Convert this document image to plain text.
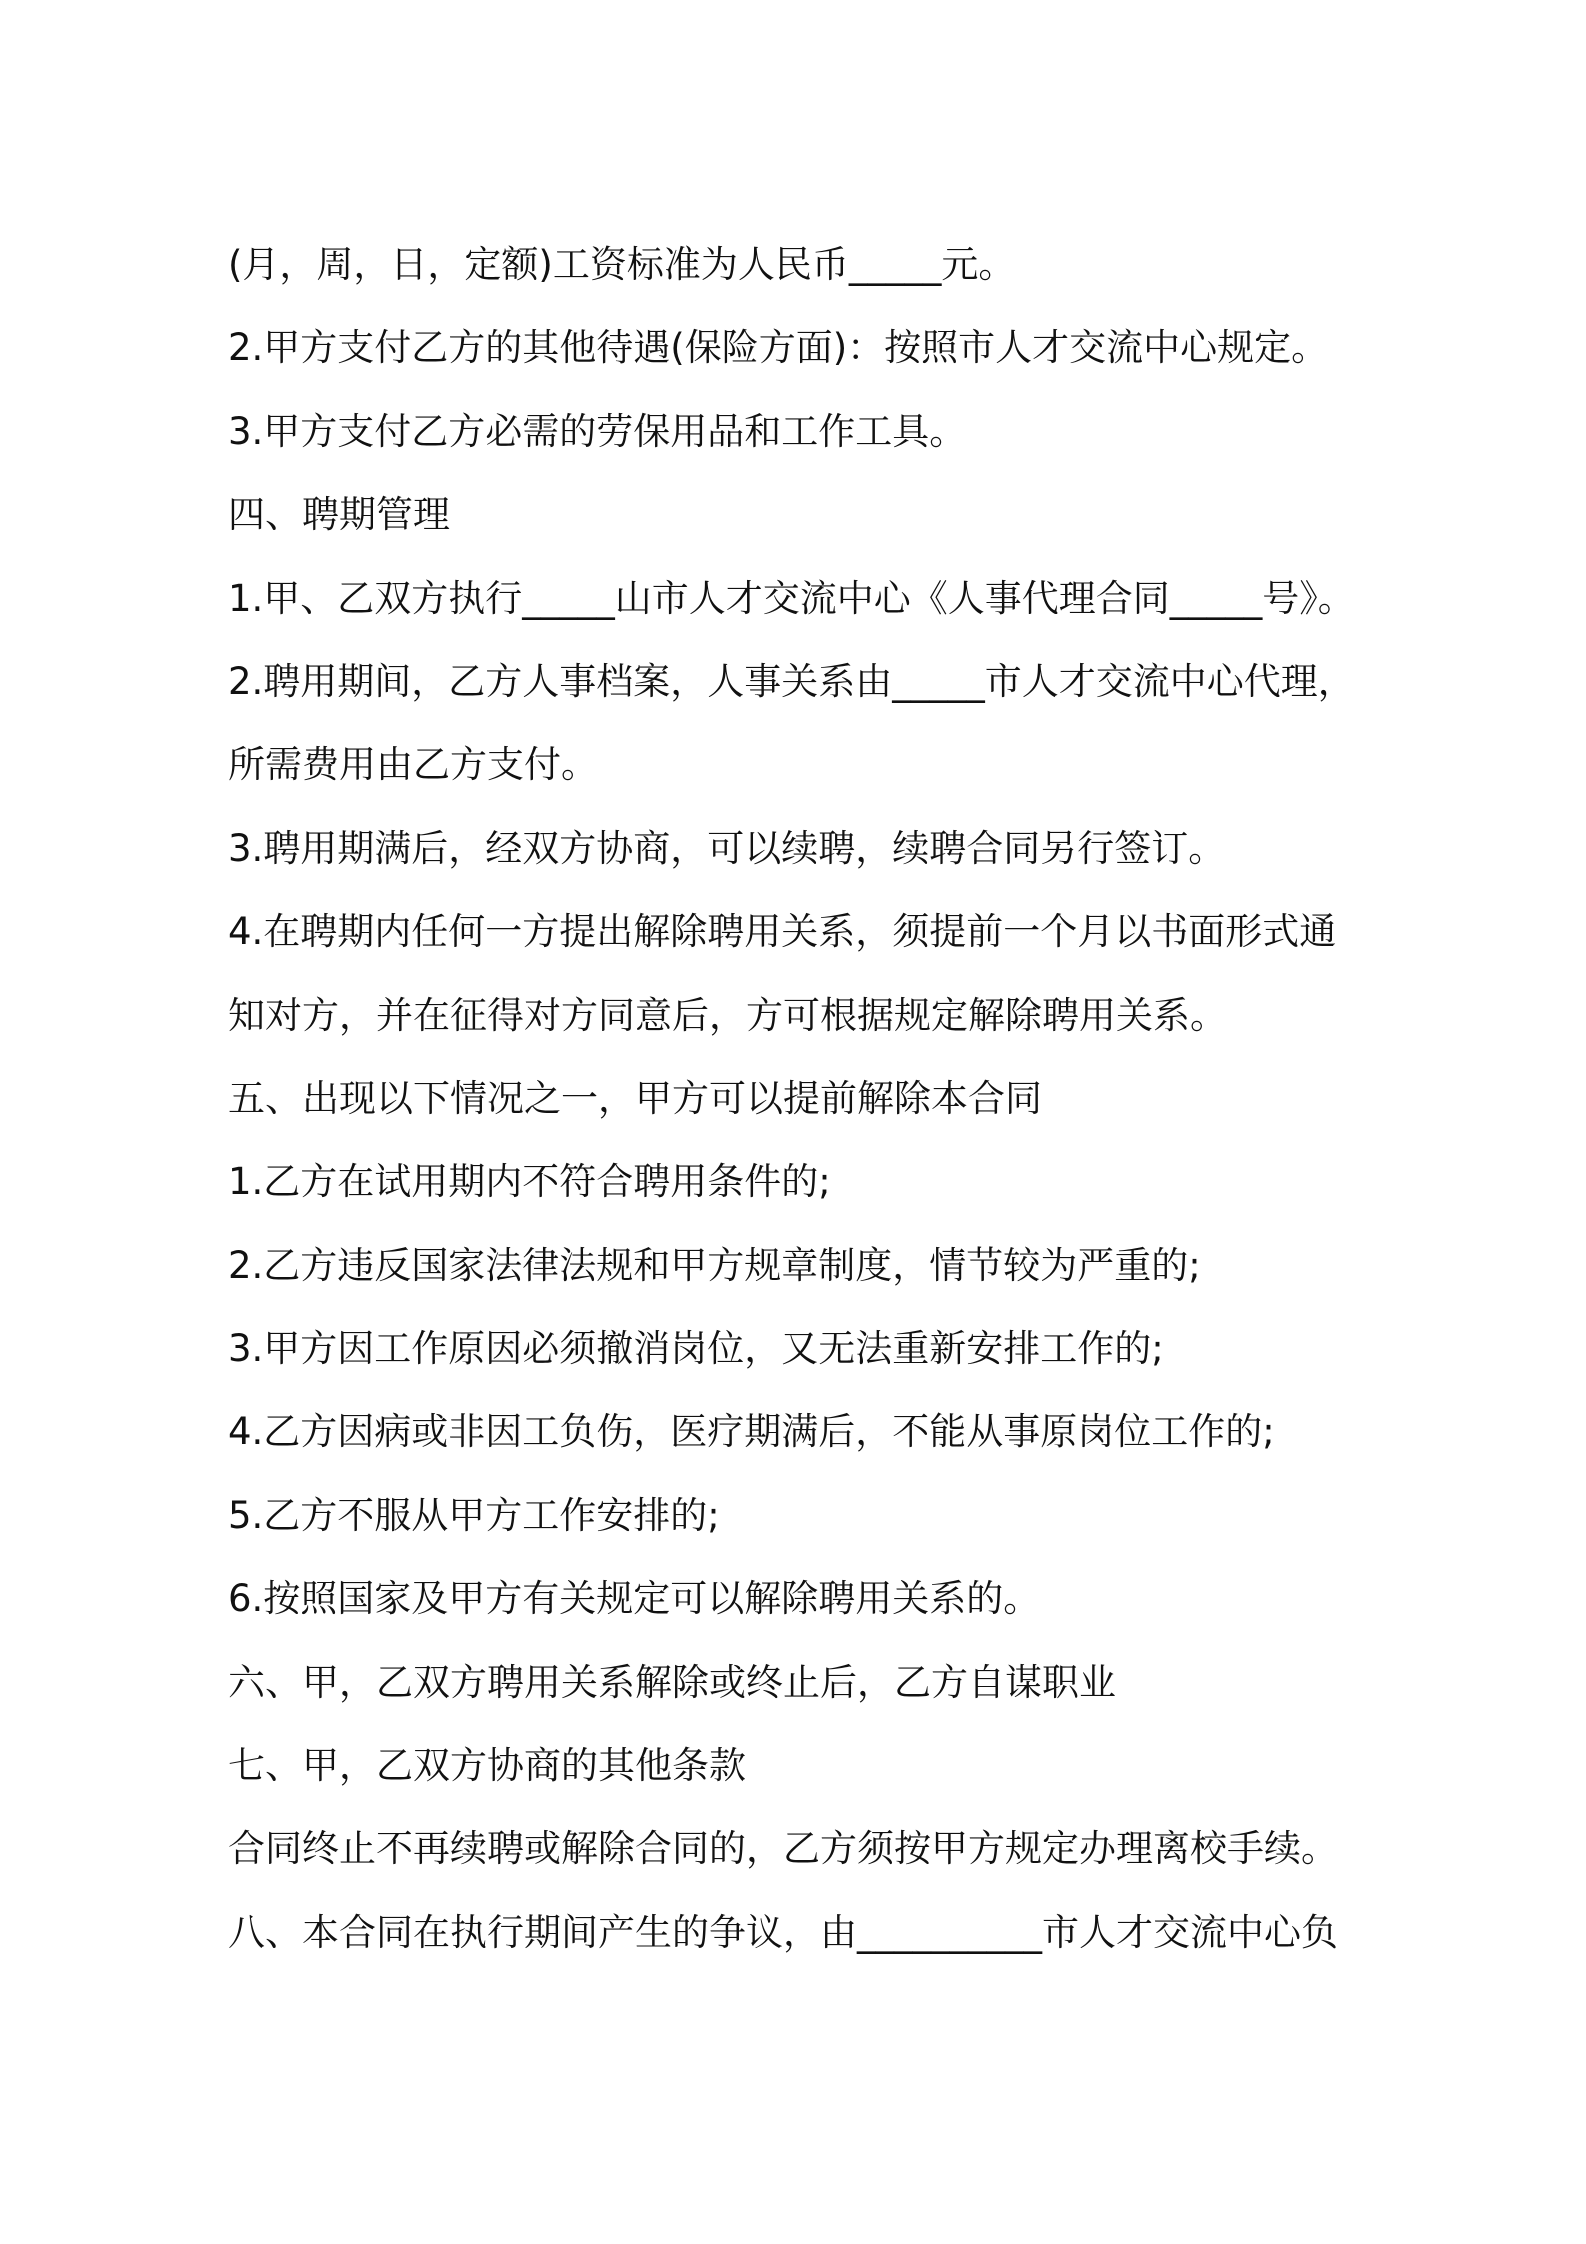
(月，周，日，定额)工资标准为人民币_____元。
2.甲方支付乙方的其他待遇(保险方面)：按照市人才交流中心规定。
3.甲方支付乙方必需的劳保用品和工作工具。
四、聘期管理
1.甲、乙双方执行_____山市人才交流中心《人事代理合同_____号》。
2.聘用期间，乙方人事档案，人事关系由_____市人才交流中心代理，
所需费用由乙方支付。
3.聘用期满后，经双方协商，可以续聘，续聘合同另行签订。
4.在聘期内任何一方提出解除聘用关系，须提前一个月以书面形式通
知对方，并在征得对方同意后，方可根据规定解除聘用关系。
五、出现以下情况之一，甲方可以提前解除本合同
1.乙方在试用期内不符合聘用条件的;
2.乙方违反国家法律法规和甲方规章制度，情节较为严重的;
3.甲方因工作原因必须撤消岗位，又无法重新安排工作的;
4.乙方因病或非因工负伤，医疗期满后，不能从事原岗位工作的;
5.乙方不服从甲方工作安排的;
6.按照国家及甲方有关规定可以解除聘用关系的。
六、甲，乙双方聘用关系解除或终止后，乙方自谋职业
七、甲，乙双方协商的其他条款
合同终止不再续聘或解除合同的，乙方须按甲方规定办理离校手续。
八、本合同在执行期间产生的争议，由__________市人才交流中心负
